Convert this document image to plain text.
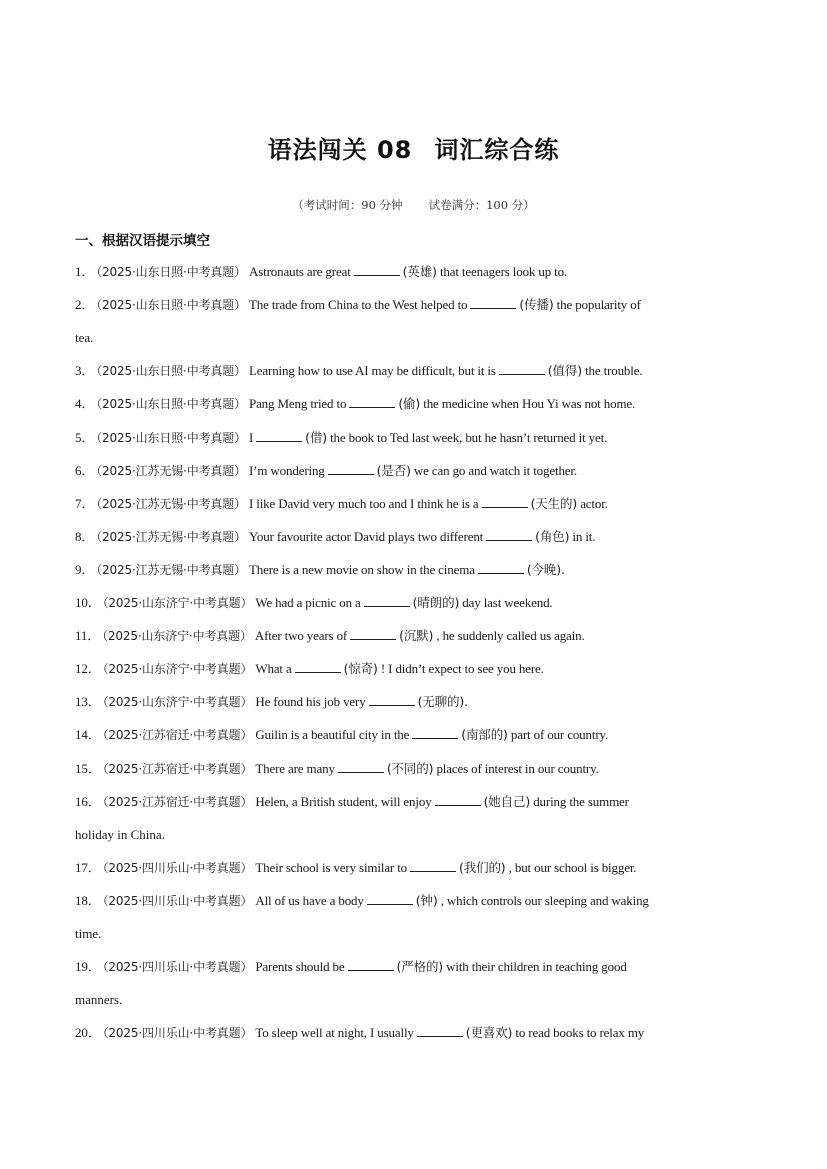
语法闯关 08 词汇综合练
（考试时间：90 分钟 试卷满分：100 分）
一、根据汉语提示填空
1． （2025·山东日照·中考真题） Astronauts are great	(英雄) that teenagers look up to.
2． （2025·山东日照·中考真题） The trade from China to the West helped to	(传播) the popularity of
tea.
3． （2025·山东日照·中考真题） Learning how to use AI may be difficult, but it is	(值得) the trouble.
4． （2025·山东日照·中考真题） Pang Meng tried to	(偷) the medicine when Hou Yi was not home.
5． （2025·山东日照·中考真题） I	(借) the book to Ted last week, but he hasn’t returned it yet.
6． （2025·江苏无锡·中考真题） I’m wondering	(是否) we can go and watch it together.
7． （2025·江苏无锡·中考真题） I like David very much too and I think he is a	(天生的) actor.
8． （2025·江苏无锡·中考真题） Your favourite actor David plays two different	(角色) in it.
9． （2025·江苏无锡·中考真题） There is a new movie on show in the cinema	(今晚).
10． （2025·山东济宁·中考真题） We had a picnic on a	(晴朗的) day last weekend.
11． （2025·山东济宁·中考真题） After two years of	(沉默) , he suddenly called us again.
12． （2025·山东济宁·中考真题） What a	(惊奇) ! I didn’t expect to see you here.
13． （2025·山东济宁·中考真题） He found his job very	(无聊的).
14． （2025·江苏宿迁·中考真题） Guilin is a beautiful city in the	(南部的) part of our country.
15． （2025·江苏宿迁·中考真题） There are many	(不同的) places of interest in our country.
16． （2025·江苏宿迁·中考真题） Helen, a British student, will enjoy	(她自己) during the summer
holiday in China.
17． （2025·四川乐山·中考真题） Their school is very similar to	(我们的) , but our school is bigger.
18． （2025·四川乐山·中考真题） All of us have a body	(钟) , which controls our sleeping and waking
time.
19． （2025·四川乐山·中考真题） Parents should be	(严格的) with their children in teaching good
manners.
20． （2025·四川乐山·中考真题） To sleep well at night, I usually	(更喜欢) to read books to relax my
